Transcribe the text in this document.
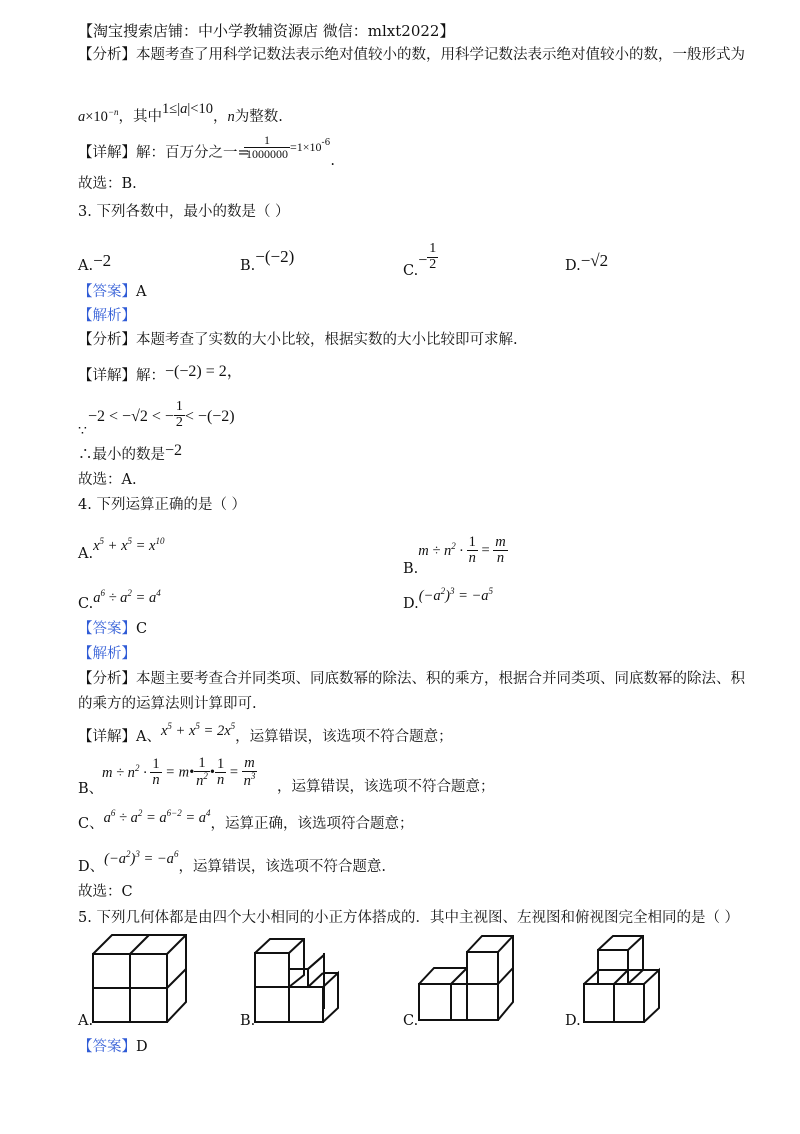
【淘宝搜索店铺：中小学教辅资源店 微信：mlxt2022】
【分析】本题考查了用科学记数法表示绝对值较小的数，用科学记数法表示绝对值较小的数，一般形式为
$a\times 10^{-n}$，其中1≤|a|<10，n为整数.
【详解】解：百万分之一=
$\frac{1}{1000000} =1\times 10^{-6}$.
故选：B.
3. 下列各数中，最小的数是（ ）
A.−2	B.−(−2)
$C.- \frac{1}{2}$	D.−√2
【答案】A
【解析】
【分析】本题考查了实数的大小比较，根据实数的大小比较即可求解.
【详解】解：−(−2) = 2，
−2 < −√2 < − $\frac{1}{2} < -(-2)$
∵
∴最小的数是−2
故选：A.
4. 下列运算正确的是（ ）
$A.x^5 + x^5 = x^{10}$
$B.m \div n^2 \cdot \frac{1}{n} = \frac{m}{n}$
$C.a^6 \div a^2 = a^4$
$D.(-a^2)^3 = -a^5$
【答案】C
【解析】
【分析】本题主要考查合并同类项、同底数幂的除法、积的乘方，根据合并同类项、同底数幂的除法、积
的乘方的运算法则计算即可.
【详解】A、$x^5 + x^5 = 2x^5$，运算错误，该选项不符合题意；
$m \div n^2 \cdot \frac{1}{n}$ = m• $\frac{1}{n^2}$ • $\frac{1}{n} = \frac{m}{n^3}$
B、	，运算错误，该选项不符合题意；
C、$a^6 \div a^2 = a^{6-2} = a^4$，运算正确，该选项符合题意；
D、$(-a^2)^3 = -a^6$，运算错误，该选项不符合题意.
故选：C
5. 下列几何体都是由四个大小相同的小正方体搭成的．其中主视图、左视图和俯视图完全相同的是（ ）
A.	B.	C.	D.
【答案】D
